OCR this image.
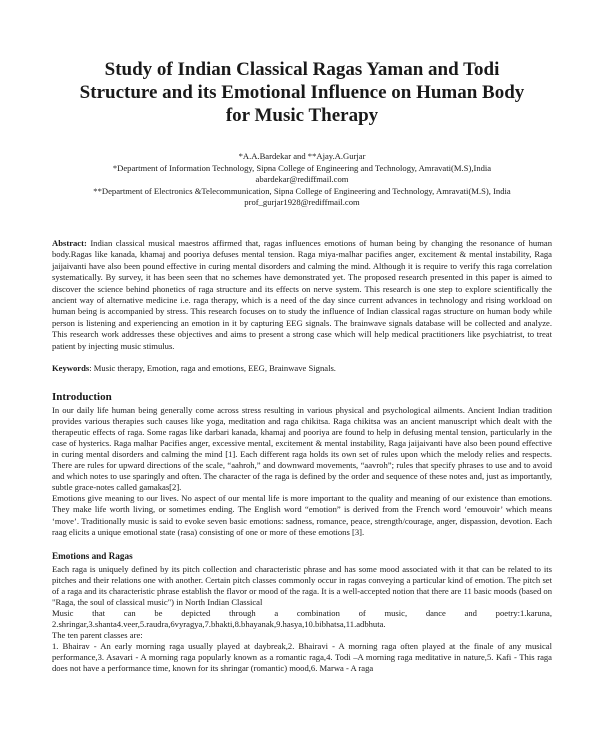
Study of Indian Classical Ragas Yaman and Todi Structure and its Emotional Influence on Human Body for Music Therapy
*A.A.Bardekar and **Ajay.A.Gurjar
*Department of Information Technology, Sipna College of Engineering and Technology, Amravati(M.S),India
abardekar@rediffmail.com
**Department of Electronics &Telecommunication, Sipna College of Engineering and Technology, Amravati(M.S), India
prof_gurjar1928@rediffmail.com
Abstract: Indian classical musical maestros affirmed that, ragas influences emotions of human being by changing the resonance of human body.Ragas like kanada, khamaj and pooriya defuses mental tension. Raga miya-malhar pacifies anger, excitement & mental instability, Raga jaijaivanti have also been pound effective in curing mental disorders and calming the mind. Although it is require to verify this raga correlation systematically. By survey, it has been seen that no schemes have demonstrated yet. The proposed research presented in this paper is aimed to discover the science behind phonetics of raga structure and its effects on nerve system. This research is one step to explore scientifically the ancient way of alternative medicine i.e. raga therapy, which is a need of the day since current advances in technology and rising workload on human being is accompanied by stress. This research focuses on to study the influence of Indian classical ragas structure on human body while person is listening and experiencing an emotion in it by capturing EEG signals. The brainwave signals database will be collected and analyze. This research work addresses these objectives and aims to present a strong case which will help medical practitioners like psychiatrist, to treat patient by injecting music stimulus.
Keywords: Music therapy, Emotion, raga and emotions, EEG, Brainwave Signals.
Introduction

In our daily life human being generally come across stress resulting in various physical and psychological ailments. Ancient Indian tradition provides various therapies such causes like yoga, meditation and raga chikitsa. Raga chikitsa was an ancient manuscript which dealt with the therapeutic effects of raga. Some ragas like darbari kanada, khamaj and pooriya are found to help in defusing mental tension, particularly in the case of hysterics. Raga malhar Pacifies anger, excessive mental, excitement & mental instability, Raga jaijaivanti have also been pound effective in curing mental disorders and calming the mind [1]. Each different raga holds its own set of rules upon which the melody relies and respects. There are rules for upward directions of the scale, “aahroh,” and downward movements, “aavroh”; rules that specify phrases to use and to avoid and which notes to use sparingly and often. The character of the raga is defined by the order and sequence of these notes and, just as importantly, subtle grace-notes called gamakas[2].

Emotions give meaning to our lives. No aspect of our mental life is more important to the quality and meaning of our existence than emotions. They make life worth living, or sometimes ending. The English word “emotion” is derived from the French word ‘emouvoir’ which means ‘move’. Traditionally music is said to evoke seven basic emotions: sadness, romance, peace, strength/courage, anger, dispassion, devotion. Each raag elicits a unique emotional state (rasa) consisting of one or more of these emotions [3].

Emotions and Ragas

Each raga is uniquely defined by its pitch collection and characteristic phrase and has some mood associated with it that can be related to its pitches and their relations one with another. Certain pitch classes commonly occur in ragas conveying a particular kind of emotion. The pitch set of a raga and its characteristic phrase establish the flavor or mood of the raga. It is a well-accepted notion that there are 11 basic moods (based on "Raga, the soul of classical music") in North Indian Classical
Music that can be depicted through a combination of music, dance and poetry:1.karuna,
2.shringar,3.shanta4.veer,5.raudra,6vyragya,7.bhakti,8.bhayanak,9.hasya,10.bibhatsa,11.adbhuta.

The ten parent classes are:

1. Bhairav - An early morning raga usually played at daybreak,2. Bhairavi - A morning raga often played at the finale of any musical performance,3. Asavari - A morning raga popularly known as a romantic raga,4. Todi –A morning raga meditative in nature,5. Kafi - This raga does not have a performance time, known for its shringar (romantic) mood,6. Marwa - A raga
